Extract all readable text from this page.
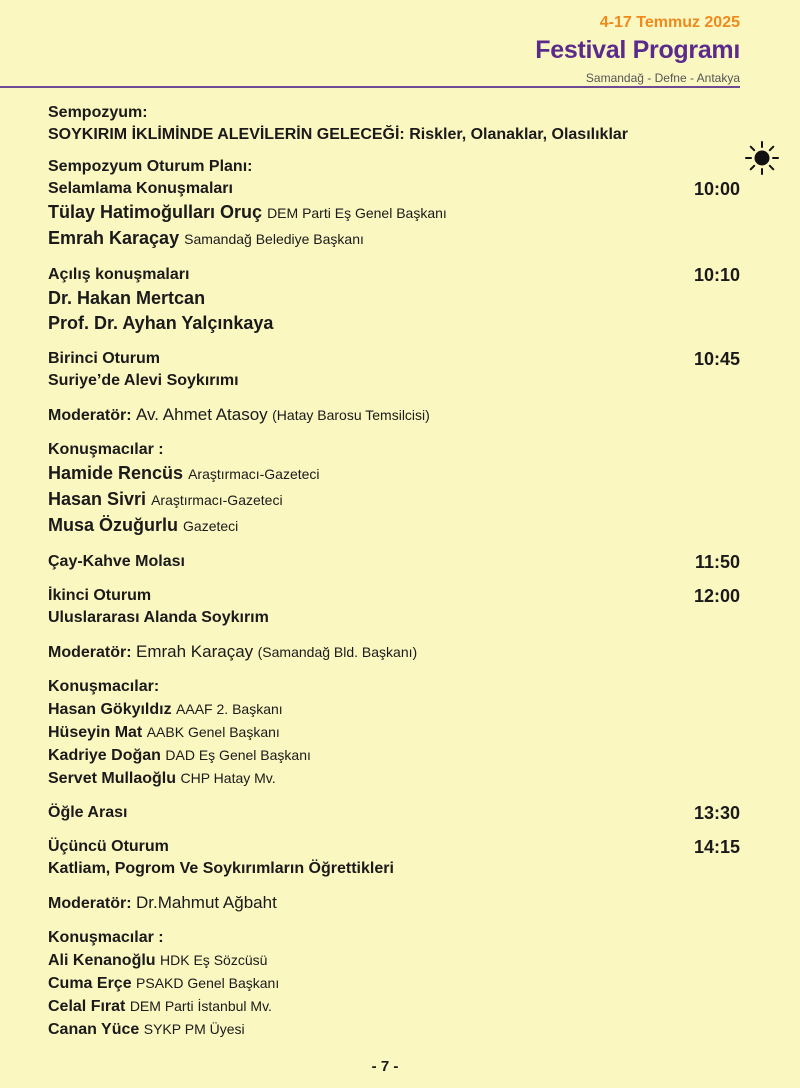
4-17 Temmuz 2025
Festival Programı
Samandağ - Defne - Antakya
Sempozyum:
SOYKIRIM İKLİMİNDE ALEVİLERİN GELECEĞİ: Riskler, Olanaklar, Olasılıklar
Sempozyum Oturum Planı:
Selamlama Konuşmaları	10:00
Tülay Hatimoğulları Oruç DEM Parti Eş Genel Başkanı
Emrah Karaçay Samandağ Belediye Başkanı
Açılış konuşmaları	10:10
Dr. Hakan Mertcan
Prof. Dr. Ayhan Yalçınkaya
Birinci Oturum	10:45
Suriye’de Alevi Soykırımı
Moderatör: Av. Ahmet Atasoy (Hatay Barosu Temsilcisi)
Konuşmacılar :
Hamide Rencüs Araştırmacı-Gazeteci
Hasan Sivri Araştırmacı-Gazeteci
Musa Özuğurlu Gazeteci
Çay-Kahve Molası	11:50
İkinci Oturum	12:00
Uluslararası Alanda Soykırım
Moderatör: Emrah Karaçay (Samandağ Bld. Başkanı)
Konuşmacılar:
Hasan Gökyıldız AAAF 2. Başkanı
Hüseyin Mat AABK Genel Başkanı
Kadriye Doğan DAD Eş Genel Başkanı
Servet Mullaoğlu CHP Hatay Mv.
Öğle Arası	13:30
Üçüncü Oturum	14:15
Katliam, Pogrom Ve Soykırımların Öğrettikleri
Moderatör: Dr.Mahmut Ağbaht
Konuşmacılar :
Ali Kenanoğlu HDK Eş Sözcüsü
Cuma Erçe PSAKD Genel Başkanı
Celal Fırat DEM Parti İstanbul Mv.
Canan Yüce SYKP PM Üyesi
- 7 -
